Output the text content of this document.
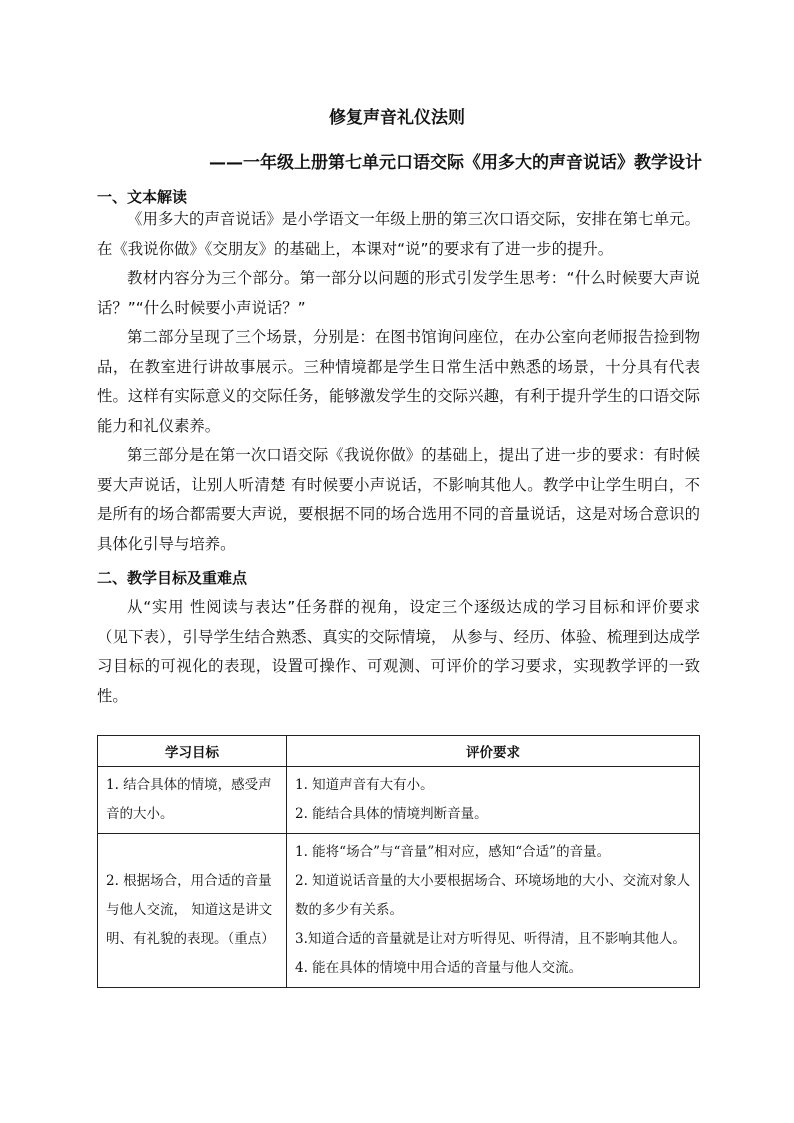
修复声音礼仪法则
——一年级上册第七单元口语交际《用多大的声音说话》教学设计
一、文本解读

《用多大的声音说话》是小学语文一年级上册的第三次口语交际，安排在第七单元。在《我说你做》《交朋友》的基础上，本课对“说”的要求有了进一步的提升。

教材内容分为三个部分。第一部分以问题的形式引发学生思考：“什么时候要大声说话？”“什么时候要小声说话？”

第二部分呈现了三个场景，分别是：在图书馆询问座位，在办公室向老师报告捡到物品，在教室进行讲故事展示。三种情境都是学生日常生活中熟悉的场景，十分具有代表性。这样有实际意义的交际任务，能够激发学生的交际兴趣，有利于提升学生的口语交际能力和礼仪素养。

第三部分是在第一次口语交际《我说你做》的基础上，提出了进一步的要求：有时候要大声说话，让别人听清楚 有时候要小声说话，不影响其他人。教学中让学生明白，不是所有的场合都需要大声说，要根据不同的场合选用不同的音量说话，这是对场合意识的具体化引导与培养。

二、教学目标及重难点

从“实用 性阅读与表达”任务群的视角，设定三个逐级达成的学习目标和评价要求（见下表），引导学生结合熟悉、真实的交际情境， 从参与、经历、体验、梳理到达成学习目标的可视化的表现，设置可操作、可观测、可评价的学习要求，实现教学评的一致性。

学习目标	评价要求
1. 结合具体的情境，感受声音的大小。	1. 知道声音有大有小。
2. 能结合具体的情境判断音量。

2. 根据场合，用合适的音量与他人交流， 知道这是讲文明、有礼貌的表现。（重点）	1. 能将“场合”与“音量”相对应，感知“合适”的音量。
2. 知道说话音量的大小要根据场合、环境场地的大小、交流对象人数的多少有关系。
3.知道合适的音量就是让对方听得见、听得清，且不影响其他人。
4. 能在具体的情境中用合适的音量与他人交流。
